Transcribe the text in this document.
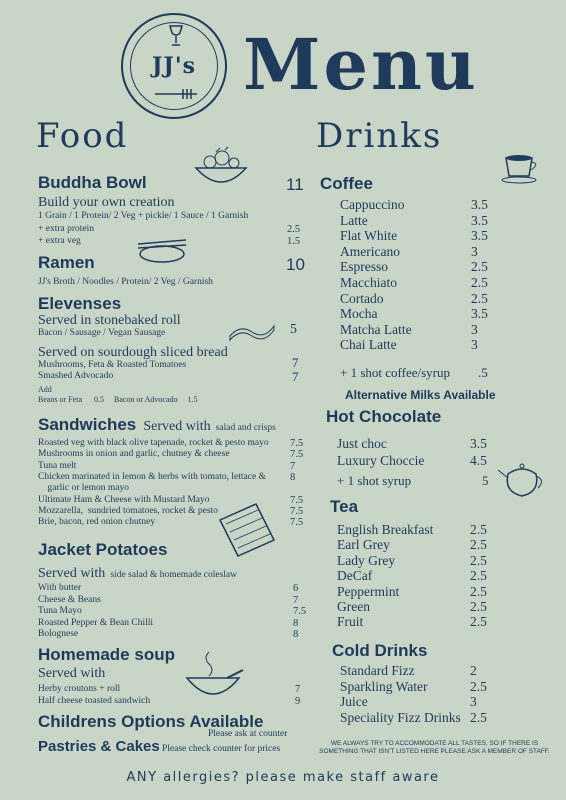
JJ's Menu
Food
Buddha Bowl	11
Build your own creation
1 Grain / 1 Protein/ 2 Veg + pickle/ 1 Sauce / 1 Garnish
+ extra protein	2.5
+ extra veg	1.5
Ramen	10
JJ's Broth / Noodles / Protein/ 2 Veg / Garnish
Elevenses
Served in stonebaked roll
Bacon / Sausage / Vegan Sausage	5
Served on sourdough sliced bread
Mushrooms, Feta & Roasted Tomatoes	7
Smashed Advocado	7
Add
Beans or Feta      0.5     Bacon or Advocado     1.5
Sandwiches Served with salad and crisps
Roasted veg with black olive tapenade, rocket & pesto mayo 7.5
Mushrooms in onion and garlic, chutney & cheese	7.5
Tuna melt	7
Chicken marinated in lemon & herbs with tomato, lettace & 8
garlic or lemon mayo
Ultimate Ham & Cheese with Mustard Mayo	7.5
Mozzarella,  sundried tomatoes, rocket & pesto	7.5
Brie, bacon, red onion chutney	7.5
Jacket Potatoes
Served with side salad & homemade coleslaw
With butter	6
Cheese & Beans	7
Tuna Mayo	7.5
Roasted Pepper & Bean Chilli	8
Bolognese	8
Homemade soup
Served with
Herby croutons + roll	7
Half cheese toasted sandwich	9
Childrens Options Available
Please ask at counter
Pastries & Cakes Please check counter for prices
Drinks
Coffee
Cappuccino	3.5
Latte	3.5
Flat White	3.5
Americano	3
Espresso	2.5
Macchiato	2.5
Cortado	2.5
Mocha	3.5
Matcha Latte	3
Chai Latte	3
+ 1 shot coffee/syrup .5
Alternative Milks Available
Hot Chocolate
Just choc	3.5
Luxury Choccie	4.5
+ 1 shot syrup	5
Tea
English Breakfast	2.5
Earl Grey	2.5
Lady Grey	2.5
DeCaf	2.5
Peppermint	2.5
Green	2.5
Fruit	2.5
Cold Drinks
Standard Fizz	2
Sparkling Water	2.5
Juice	3
Speciality Fizz Drinks 2.5
WE ALWAYS TRY TO ACCOMMODATE ALL TASTES, SO IF THERE IS
SOMETHING THAT ISN'T LISTED HERE PLEASE ASK A MEMBER OF STAFF.
ANY allergies? please make staff aware
